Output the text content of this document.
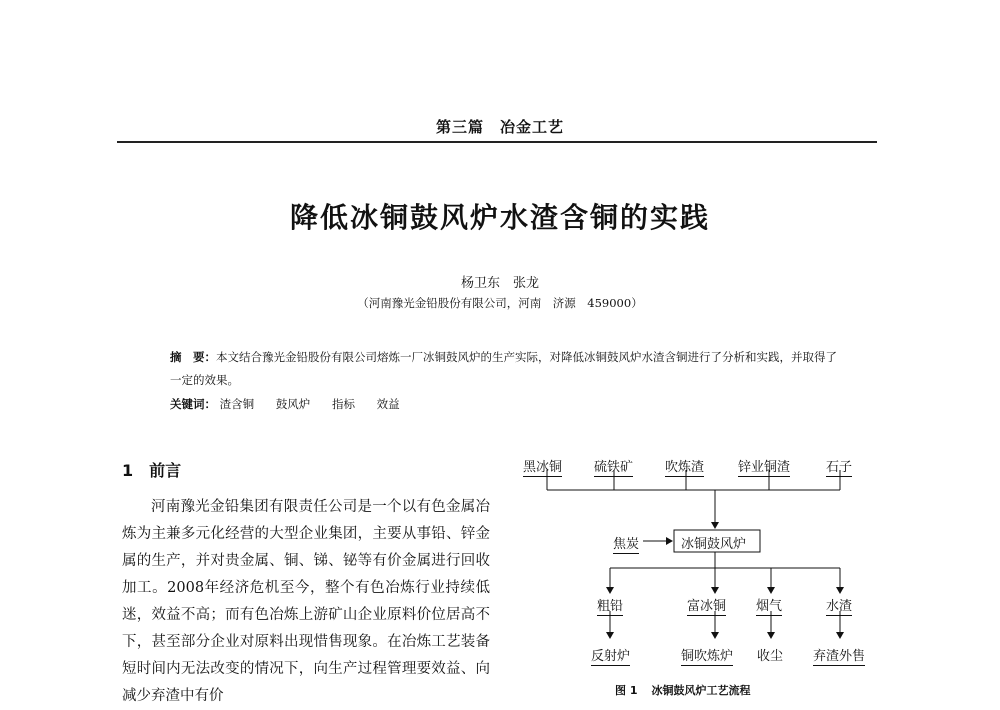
第三篇　冶金工艺
降低冰铜鼓风炉水渣含铜的实践
杨卫东　张龙
（河南豫光金铅股份有限公司，河南　济源　459000）
摘　要：本文结合豫光金铅股份有限公司熔炼一厂冰铜鼓风炉的生产实际，对降低冰铜鼓风炉水渣含铜进行了分析和实践，并取得了一定的效果。
关键词： 渣含铜 鼓风炉 指标 效益
1　前言
河南豫光金铅集团有限责任公司是一个以有色金属冶炼为主兼多元化经营的大型企业集团，主要从事铅、锌金属的生产，并对贵金属、铜、锑、铋等有价金属进行回收加工。2008年经济危机至今，整个有色冶炼行业持续低迷，效益不高；而有色冶炼上游矿山企业原料价位居高不下，甚至部分企业对原料出现惜售现象。在冶炼工艺装备短时间内无法改变的情况下，向生产过程管理要效益、向减少弃渣中有价
黑冰铜 硫铁矿 吹炼渣	锌业铜渣	石子
焦炭	冰铜鼓风炉
粗铅	富冰铜 烟气	水渣
反射炉	铜吹炼炉 收尘 弃渣外售
图 1 冰铜鼓风炉工艺流程
